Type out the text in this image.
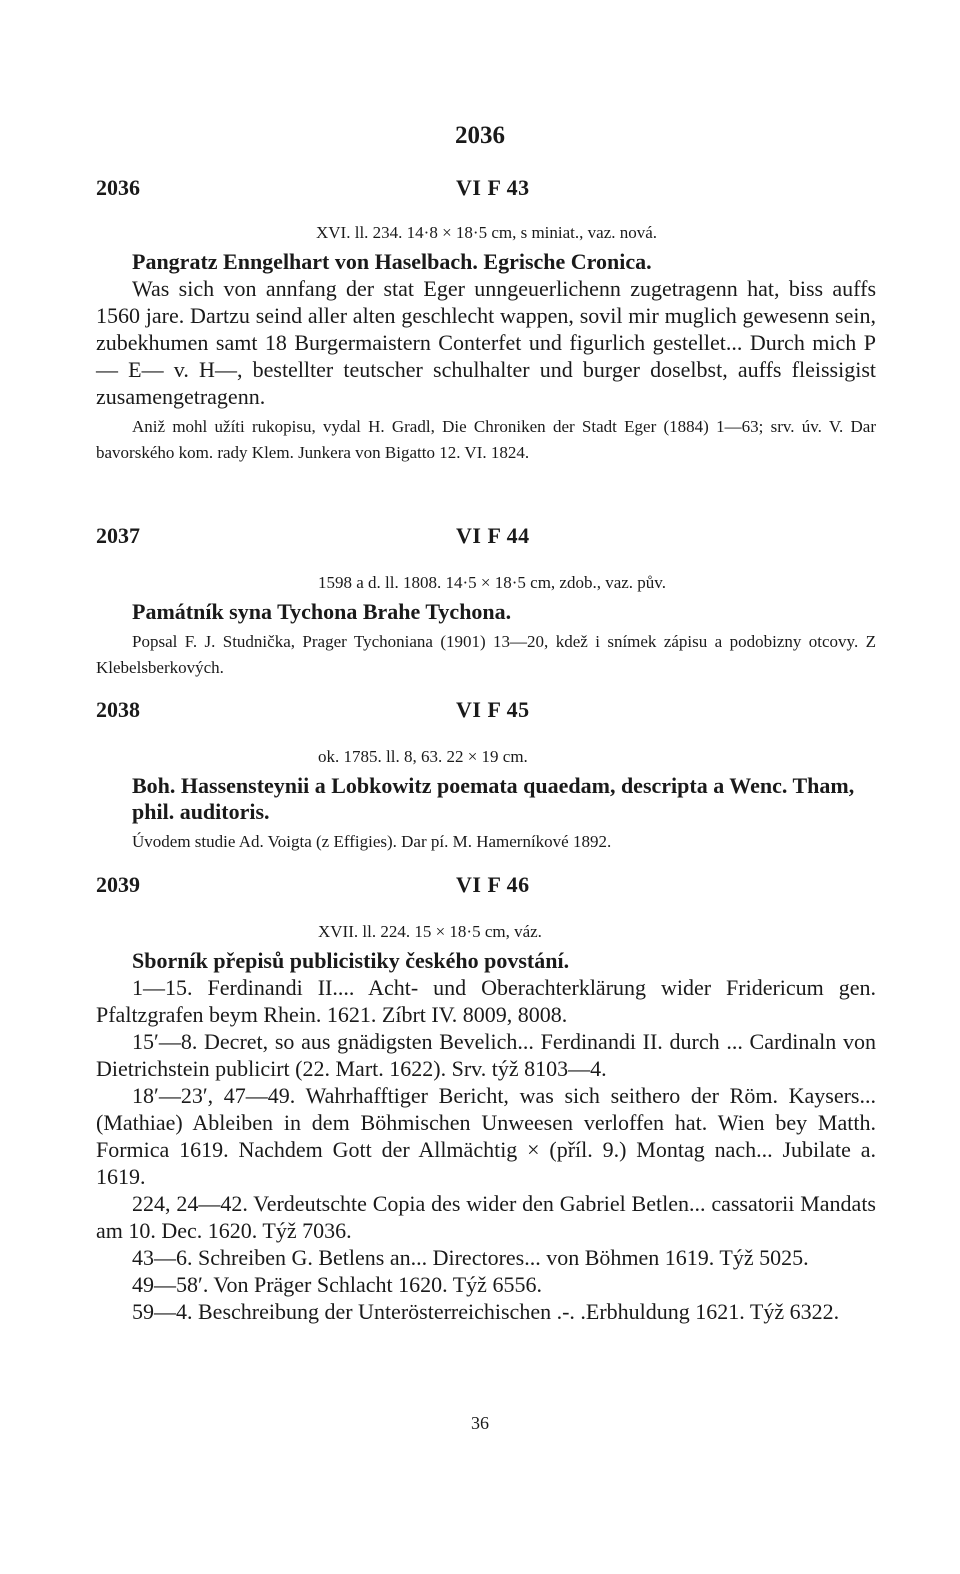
2036
2036	VI F 43
XVI. ll. 234. 14·8 × 18·5 cm, s miniat., vaz. nová.
Pangratz Enngelhart von Haselbach. Egrische Cronica.

Was sich von annfang der stat Eger unngeuerlichenn zugetragenn hat, biss auffs 1560 jare. Dartzu seind aller alten geschlecht wappen, sovil mir muglich gewesenn sein, zubekhumen samt 18 Burgermaistern Conterfet und figurlich gestellet... Durch mich P— E— v. H—, bestellter teutscher schulhalter und burger doselbst, auffs fleissigist zusamengetragenn.

Aniž mohl užíti rukopisu, vydal H. Gradl, Die Chroniken der Stadt Eger (1884) 1—63; srv. úv. V. Dar bavorského kom. rady Klem. Junkera von Bigatto 12. VI. 1824.

2037	VI F 44
1598 a d. ll. 1808. 14·5 × 18·5 cm, zdob., vaz. pův.
Památník syna Tychona Brahe Tychona.

Popsal F. J. Studnička, Prager Tychoniana (1901) 13—20, kdež i snímek zápisu a podobizny otcovy. Z Klebelsberkových.

2038	VI F 45
ok. 1785. ll. 8, 63. 22 × 19 cm.
Boh. Hassensteynii a Lobkowitz poemata quaedam, descripta a Wenc. Tham, phil. auditoris.

Úvodem studie Ad. Voigta (z Effigies). Dar pí. M. Hamerníkové 1892.

2039	VI F 46
XVII. ll. 224. 15 × 18·5 cm, váz.
Sborník přepisů publicistiky českého povstání.

1—15. Ferdinandi II.... Acht- und Oberachterklärung wider Fridericum gen. Pfaltzgrafen beym Rhein. 1621. Zíbrt IV. 8009, 8008.

15′—8. Decret, so aus gnädigsten Bevelich... Ferdinandi II. durch ... Cardinaln von Dietrichstein publicirt (22. Mart. 1622). Srv. týž 8103—4.

18′—23′, 47—49. Wahrhafftiger Bericht, was sich seithero der Röm. Kaysers... (Mathiae) Ableiben in dem Böhmischen Unweesen verloffen hat. Wien bey Matth. Formica 1619. Nachdem Gott der Allmächtig × (příl. 9.) Montag nach... Jubilate a. 1619.

224, 24—42. Verdeutschte Copia des wider den Gabriel Betlen... cassatorii Mandats am 10. Dec. 1620. Týž 7036.

43—6. Schreiben G. Betlens an... Directores... von Böhmen 1619. Týž 5025.

49—58′. Von Präger Schlacht 1620. Týž 6556.

59—4. Beschreibung der Unterösterreichischen .-. .Erbhuldung 1621. Týž 6322.

36
